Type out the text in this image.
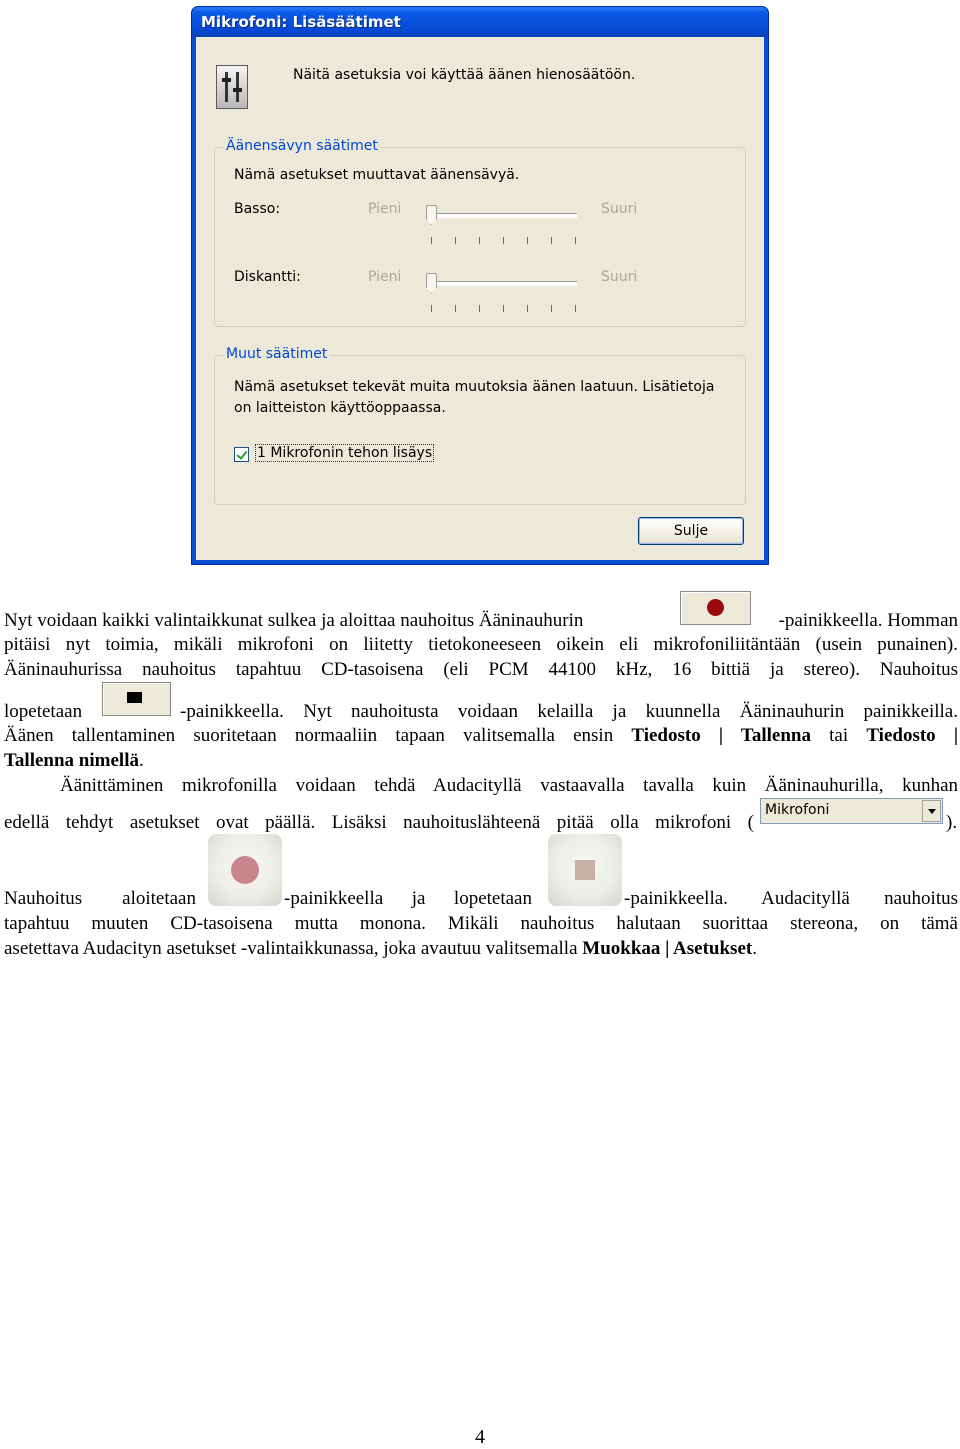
Mikrofoni: Lisäsäätimet
Näitä asetuksia voi käyttää äänen hienosäätöön.
Äänensävyn säätimet
Nämä asetukset muuttavat äänensävyä.
Basso:	Pieni	Suuri
Diskantti:	Pieni	Suuri
Muut säätimet
Nämä asetukset tekevät muita muutoksia äänen laatuun. Lisätietoja
on laitteiston käyttöoppaassa.
1 Mikrofonin tehon lisäys
Sulje
Nyt voidaan kaikki valintaikkunat sulkea ja aloittaa nauhoitus Ääninauhurin	-painikkeella. Homman

pitäisi nyt toimia, mikäli mikrofoni on liitetty tietokoneeseen oikein eli mikrofoniliitäntään (usein punainen).

Ääninauhurissa nauhoitus tapahtuu CD-tasoisena (eli PCM 44100 kHz, 16 bittiä ja stereo). Nauhoitus

lopetetaan	-painikkeella. Nyt nauhoitusta voidaan kelailla ja kuunnella Ääninauhurin painikkeilla.
Äänen tallentaminen suoritetaan normaaliin tapaan valitsemalla ensin Tiedosto | Tallenna tai Tiedosto |
Tallenna nimellä.

Äänittäminen mikrofonilla voidaan tehdä Audacityllä vastaavalla tavalla kuin Ääninauhurilla, kunhan

edellä tehdyt asetukset ovat päällä. Lisäksi nauhoituslähteenä pitää olla mikrofoni (
Mikrofoni
).
Nauhoitus aloitetaan	-painikkeella ja lopetetaan	-painikkeella. Audacityllä nauhoitus

tapahtuu muuten CD-tasoisena mutta monona. Mikäli nauhoitus halutaan suorittaa stereona, on tämä

asetettava Audacityn asetukset -valintaikkunassa, joka avautuu valitsemalla Muokkaa | Asetukset.
4
